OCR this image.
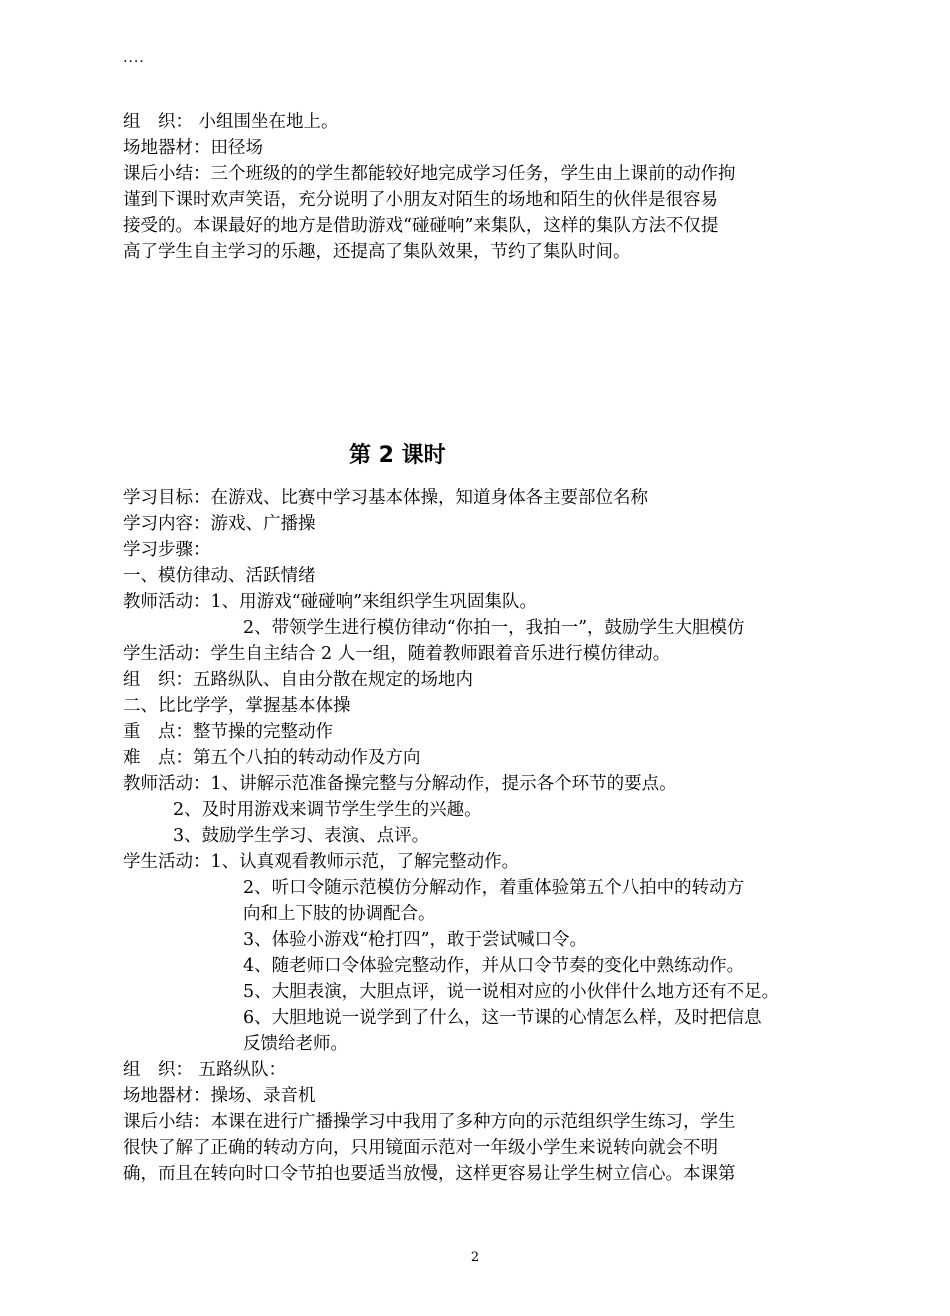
....
组　织： 小组围坐在地上。
场地器材：田径场
课后小结：三个班级的的学生都能较好地完成学习任务，学生由上课前的动作拘
谨到下课时欢声笑语，充分说明了小朋友对陌生的场地和陌生的伙伴是很容易
接受的。本课最好的地方是借助游戏“碰碰响”来集队，这样的集队方法不仅提
高了学生自主学习的乐趣，还提高了集队效果，节约了集队时间。
第 2 课时
学习目标：在游戏、比赛中学习基本体操，知道身体各主要部位名称
学习内容：游戏、广播操
学习步骤：
一、模仿律动、活跃情绪
教师活动：1、用游戏“碰碰响”来组织学生巩固集队。
2、带领学生进行模仿律动“你拍一，我拍一”，鼓励学生大胆模仿
学生活动：学生自主结合 2 人一组，随着教师跟着音乐进行模仿律动。
组　织：五路纵队、自由分散在规定的场地内
二、比比学学，掌握基本体操
重　点：整节操的完整动作
难　点：第五个八拍的转动动作及方向
教师活动：1、讲解示范准备操完整与分解动作，提示各个环节的要点。
2、及时用游戏来调节学生学生的兴趣。
3、鼓励学生学习、表演、点评。
学生活动：1、认真观看教师示范，了解完整动作。
2、听口令随示范模仿分解动作，着重体验第五个八拍中的转动方
向和上下肢的协调配合。
3、体验小游戏“枪打四”，敢于尝试喊口令。
4、随老师口令体验完整动作，并从口令节奏的变化中熟练动作。
5、大胆表演，大胆点评，说一说相对应的小伙伴什么地方还有不足。
6、大胆地说一说学到了什么，这一节课的心情怎么样，及时把信息
反馈给老师。
组　织： 五路纵队：
场地器材：操场、录音机
课后小结：本课在进行广播操学习中我用了多种方向的示范组织学生练习，学生
很快了解了正确的转动方向，只用镜面示范对一年级小学生来说转向就会不明
确，而且在转向时口令节拍也要适当放慢，这样更容易让学生树立信心。本课第
2
